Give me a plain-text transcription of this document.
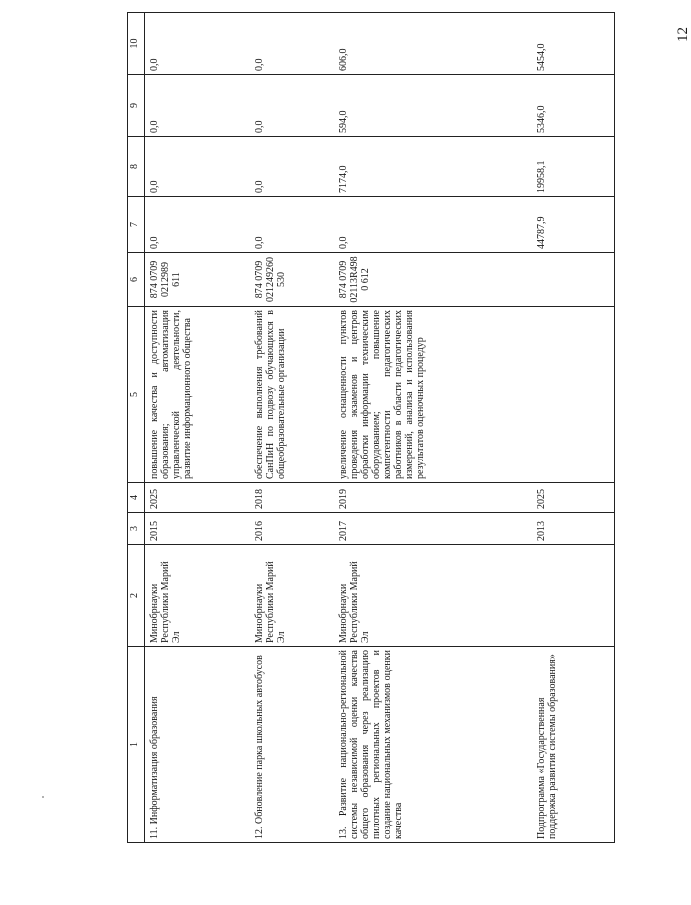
12
1	2	3	4	5	6	7	8	9	10
11. Информатизация образования	Минобрнауки Республики Марий Эл	2015	2025	повышение качества и доступности образования; автоматизация управленческой деятельности, развитие информационного общества	874 0709 0212989 611	0,0	0,0	0,0	0,0
12. Обновление парка школьных автобусов	Минобрнауки Республики Марий Эл	2016	2018	обеспечение выполнения требований СанПиН по подвозу обучающихся в общеобразовательные организации	874 0709 021249260 530	0,0	0,0	0,0	0,0
13. Развитие национально-региональной системы независимой оценки качества общего образования через реализацию пилотных региональных проектов и создание национальных механизмов оценки качества	Минобрнауки Республики Марий Эл	2017	2019	увеличение оснащенности пунктов проведения экзаменов и центров обработки информации техническим оборудованием; повышение компетентности педагогических работников в области педагогических измерений, анализа и использования результатов оценочных процедур	874 0709 02113R4980 612	0,0	7174,0	594,0	606,0
Подпрограмма «Государственная поддержка развития системы образования»		2013	2025			44787,9	19958,1	5346,0	5454,0
